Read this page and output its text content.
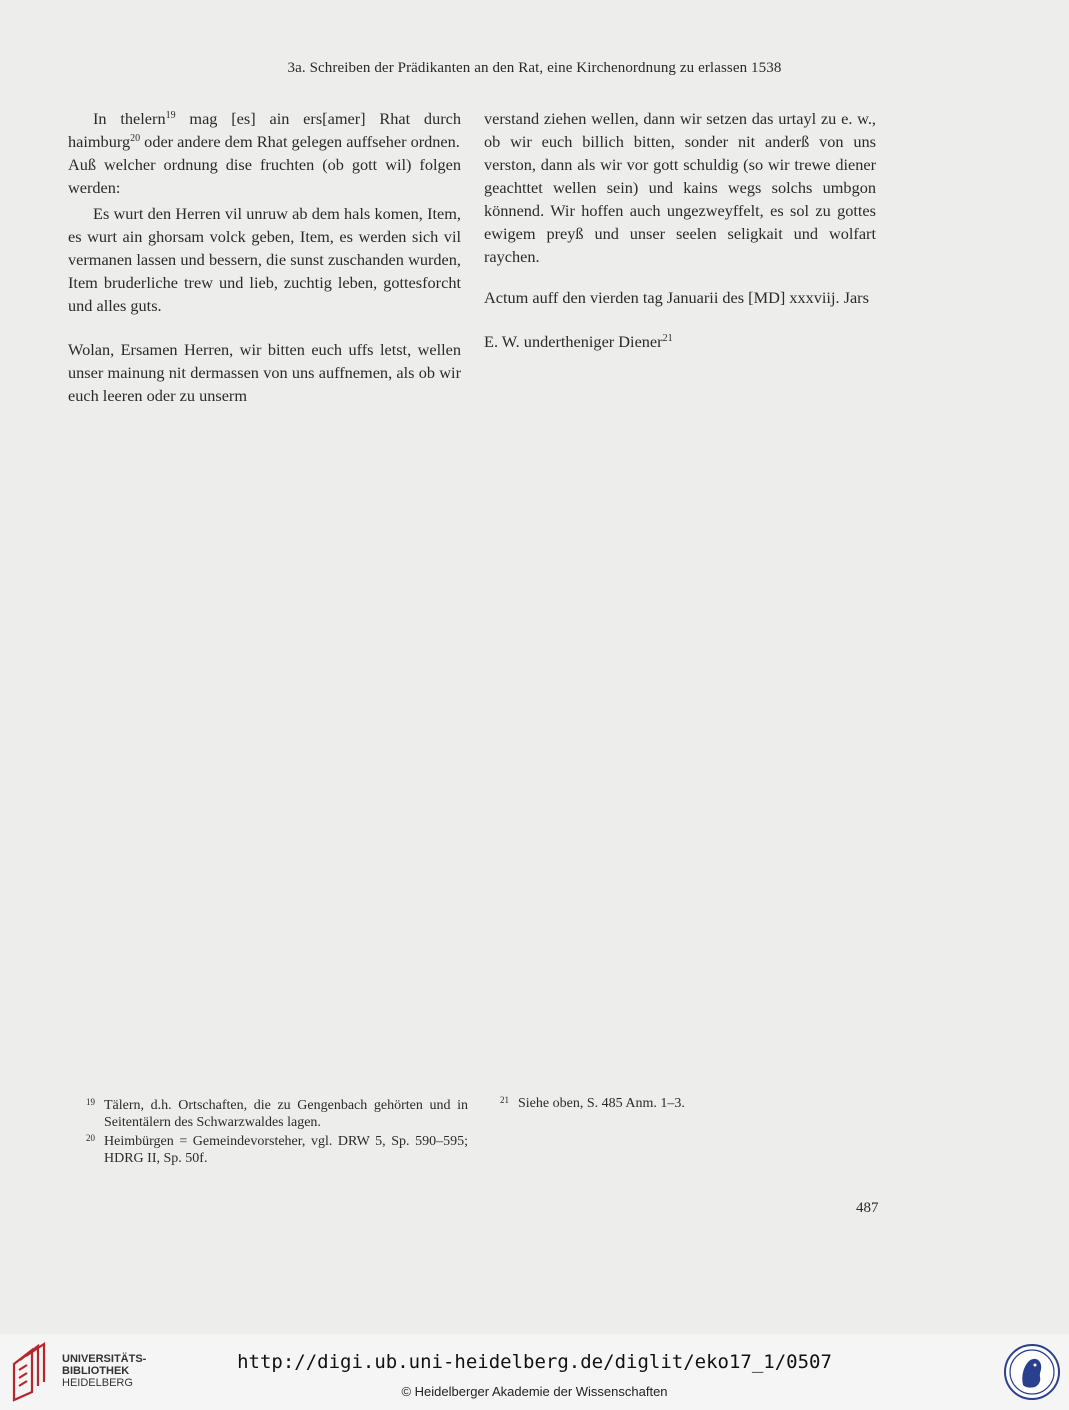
3a. Schreiben der Prädikanten an den Rat, eine Kirchenordnung zu erlassen 1538

In thelern$^{19}$ mag [es] ain ers[amer] Rhat durch haimburg$^{20}$ oder andere dem Rhat gelegen auffseher ordnen.

Auß welcher ordnung dise fruchten (ob gott wil) folgen werden:

Es wurt den Herren vil unruw ab dem hals komen, Item, es wurt ain ghorsam volck geben, Item, es werden sich vil vermanen lassen und bessern, die sunst zuschanden wurden, Item bruderliche trew und lieb, zuchtig leben, gottesforcht und alles guts.

Wolan, Ersamen Herren, wir bitten euch uffs letst, wellen unser mainung nit dermassen von uns auffnemen, als ob wir euch leeren oder zu unserm

verstand ziehen wellen, dann wir setzen das urtayl zu e. w., ob wir euch billich bitten, sonder nit anderß von uns verston, dann als wir vor gott schuldig (so wir trewe diener geachttet wellen sein) und kains wegs solchs umbgon könnend. Wir hoffen auch ungezweyffelt, es sol zu gottes ewigem preyß und unser seelen seligkait und wolfart raychen.

Actum auff den vierden tag Januarii des [MD] xxxviij. Jars

E. W. undertheniger Diener$^{21}$

19 Tälern, d.h. Ortschaften, die zu Gengenbach gehörten und in Seitentälern des Schwarzwaldes lagen.
20 Heimbürgen = Gemeindevorsteher, vgl. DRW 5, Sp. 590–595; HDRG II, Sp. 50f.
21 Siehe oben, S. 485 Anm. 1–3.
487
UNIVERSITÄTS-
BIBLIOTHEK
HEIDELBERG
http://digi.ub.uni-heidelberg.de/diglit/eko17_1/0507
© Heidelberger Akademie der Wissenschaften
